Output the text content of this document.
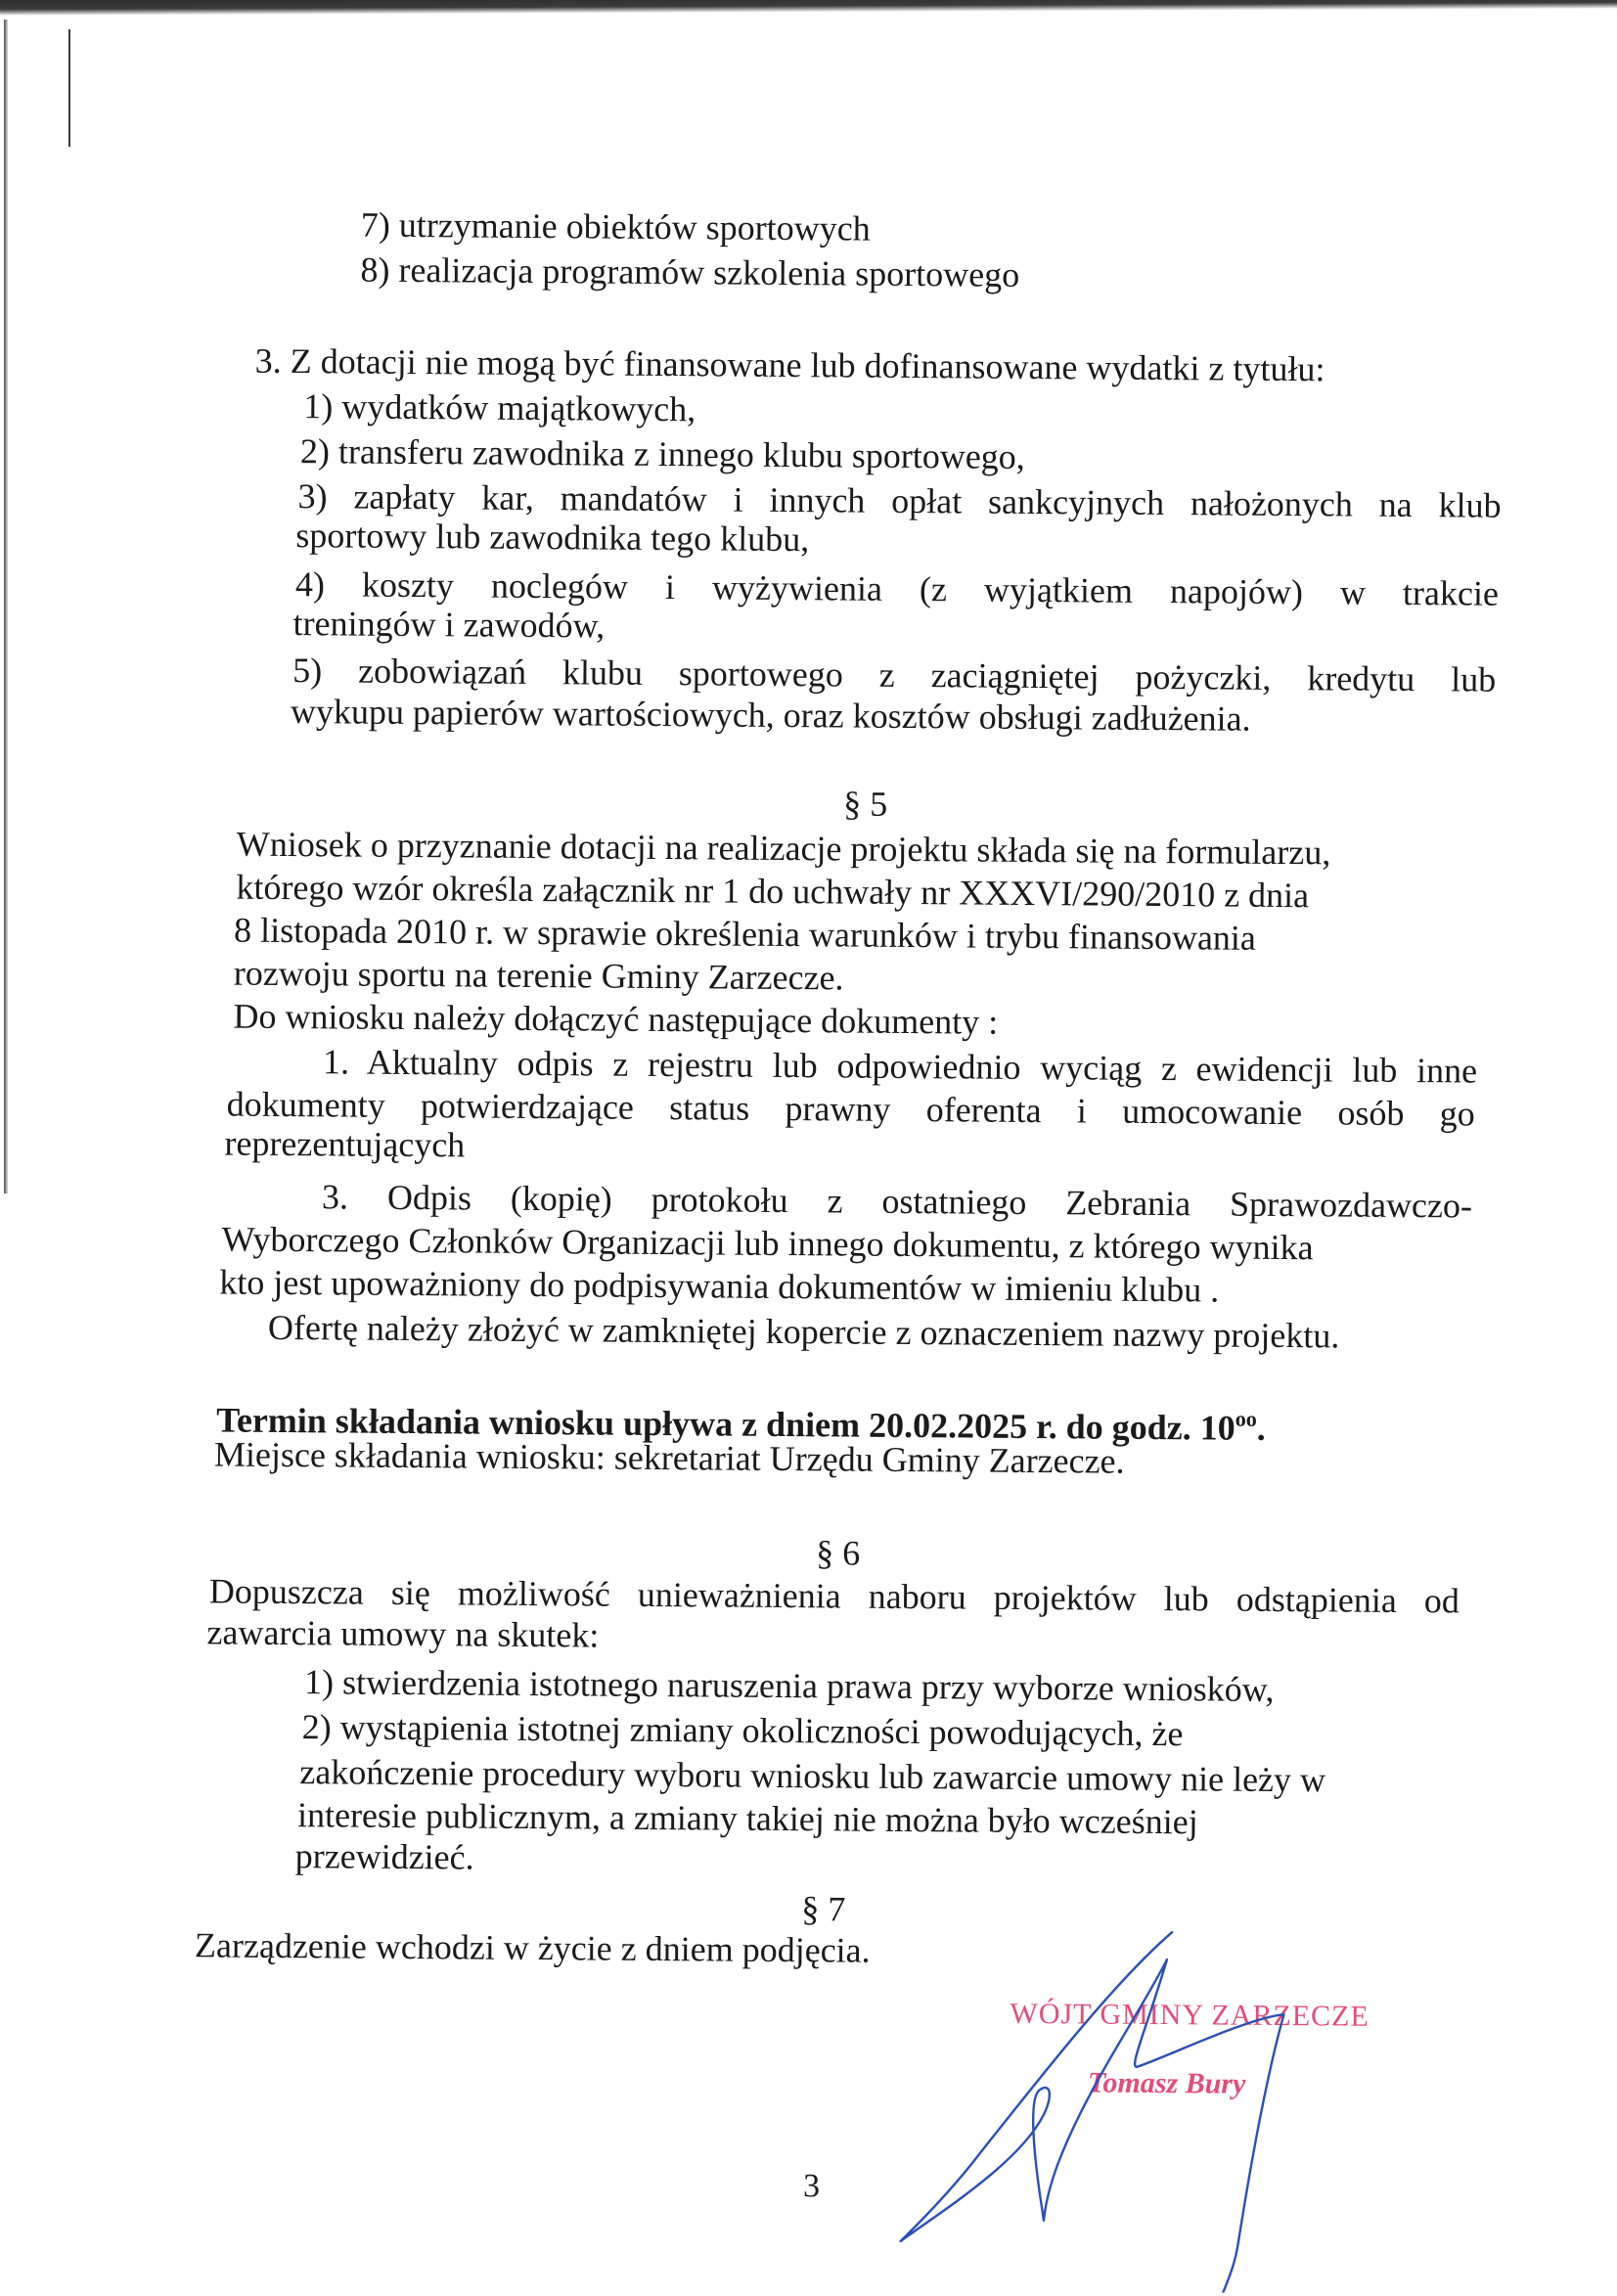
7) utrzymanie obiektów sportowych

8) realizacja programów szkolenia sportowego

3. Z dotacji nie mogą być finansowane lub dofinansowane wydatki z tytułu:

1) wydatków majątkowych,

2) transferu zawodnika z innego klubu sportowego,

3) zapłaty kar, mandatów i innych opłat sankcyjnych nałożonych na klub

sportowy lub zawodnika tego klubu,

4) koszty noclegów i wyżywienia (z wyjątkiem napojów) w trakcie

treningów i zawodów,

5) zobowiązań klubu sportowego z zaciągniętej pożyczki, kredytu lub

wykupu papierów wartościowych, oraz kosztów obsługi zadłużenia.

§ 5

Wniosek o przyznanie dotacji na realizacje projektu składa się na formularzu,

którego wzór określa załącznik nr 1 do uchwały nr XXXVI/290/2010 z dnia

8 listopada 2010 r. w sprawie określenia warunków i trybu finansowania

rozwoju sportu na terenie Gminy Zarzecze.

Do wniosku należy dołączyć następujące dokumenty :

1. Aktualny odpis z rejestru lub odpowiednio wyciąg z ewidencji lub inne

dokumenty potwierdzające status prawny oferenta i umocowanie osób go

reprezentujących

3. Odpis (kopię) protokołu z ostatniego Zebrania Sprawozdawczo-

Wyborczego Członków Organizacji lub innego dokumentu, z którego wynika

kto jest upoważniony do podpisywania dokumentów w imieniu klubu .

Ofertę należy złożyć w zamkniętej kopercie z oznaczeniem nazwy projektu.

Termin składania wniosku upływa z dniem 20.02.2025 r. do godz. $10^{oo}$.

Miejsce składania wniosku: sekretariat Urzędu Gminy Zarzecze.

§ 6

Dopuszcza się możliwość unieważnienia naboru projektów lub odstąpienia od

zawarcia umowy na skutek:

1) stwierdzenia istotnego naruszenia prawa przy wyborze wniosków,

2) wystąpienia istotnej zmiany okoliczności powodujących, że

zakończenie procedury wyboru wniosku lub zawarcie umowy nie leży w

interesie publicznym, a zmiany takiej nie można było wcześniej

przewidzieć.

§ 7

Zarządzenie wchodzi w życie z dniem podjęcia.

WÓJT GMINY ZARZECZE
Tomasz Bury
3
